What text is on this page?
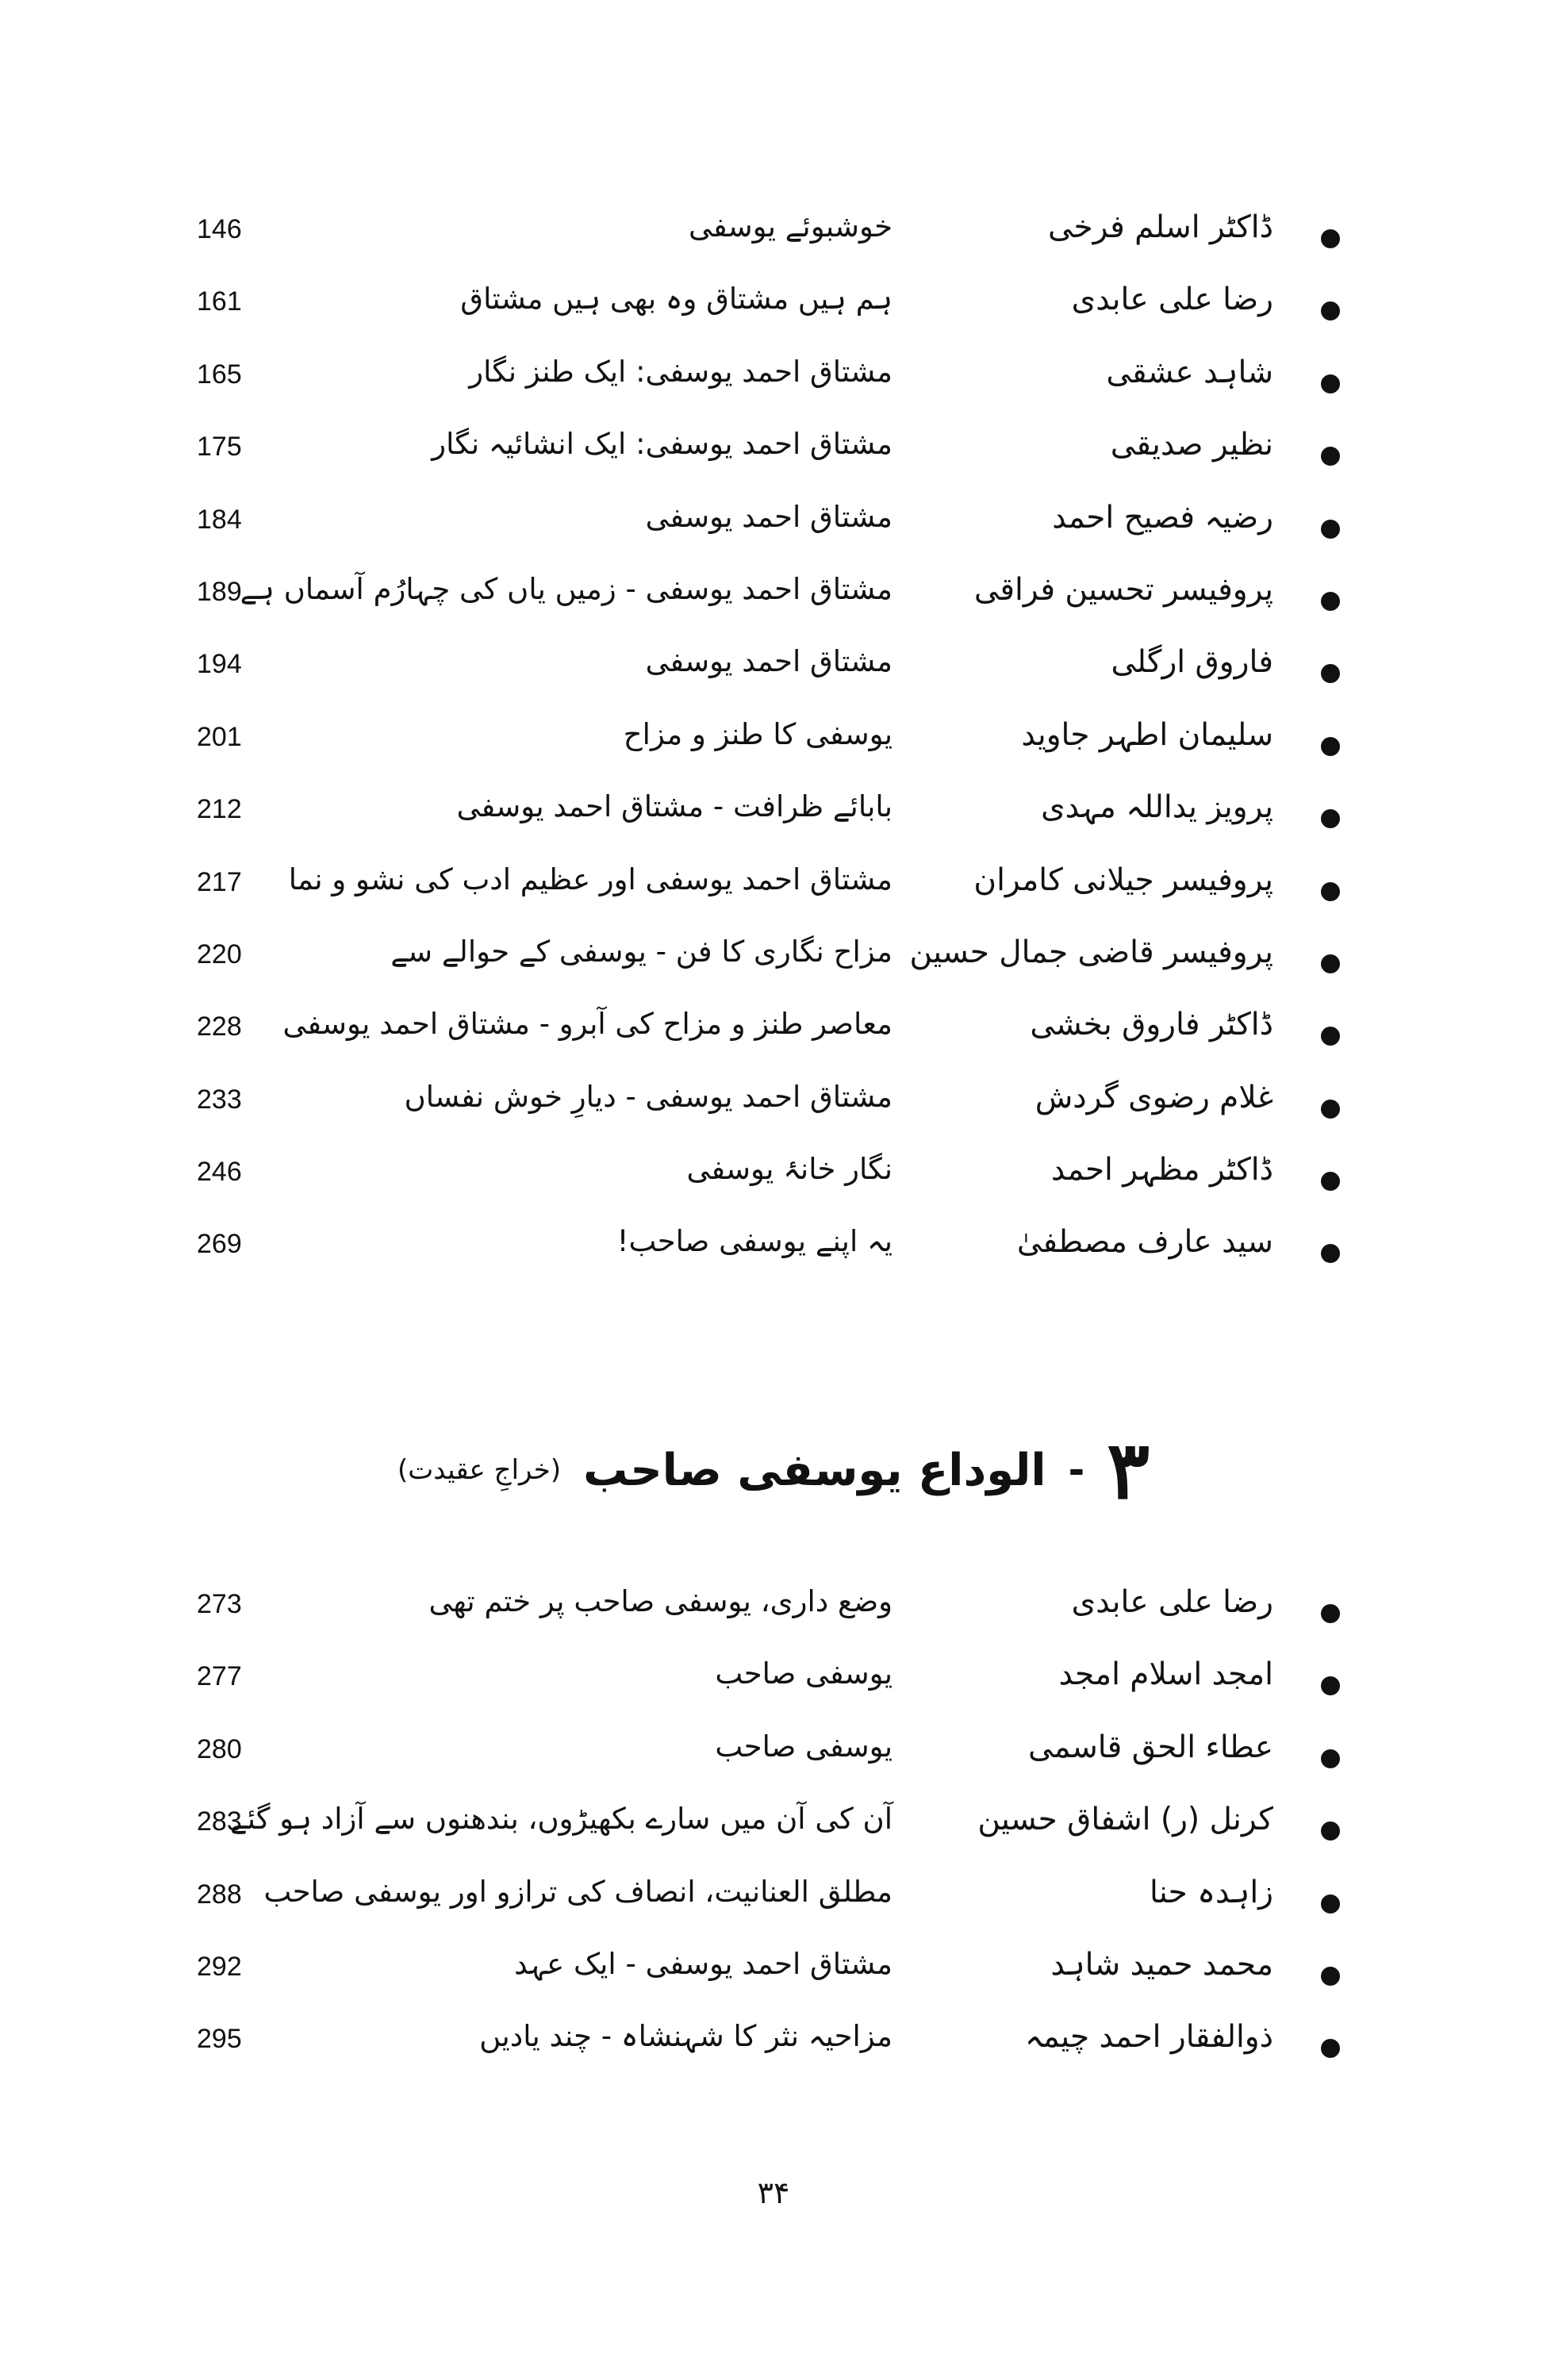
ڈاکٹر اسلم فرخی
خوشبوئے یوسفی
146
رضا علی عابدی
ہم ہیں مشتاق وہ بھی ہیں مشتاق
161
شاہد عشقی
مشتاق احمد یوسفی: ایک طنز نگار
165
نظیر صدیقی
مشتاق احمد یوسفی: ایک انشائیہ نگار
175
رضیہ فصیح احمد
مشتاق احمد یوسفی
184
پروفیسر تحسین فراقی
مشتاق احمد یوسفی - زمیں یاں کی چہارُم آسماں ہے
189
فاروق ارگلی
مشتاق احمد یوسفی
194
سلیمان اطہر جاوید
یوسفی کا طنز و مزاح
201
پرویز یداللہ مہدی
بابائے ظرافت - مشتاق احمد یوسفی
212
پروفیسر جیلانی کامران
مشتاق احمد یوسفی اور عظیم ادب کی نشو و نما
217
پروفیسر قاضی جمال حسین
مزاح نگاری کا فن - یوسفی کے حوالے سے
220
ڈاکٹر فاروق بخشی
معاصر طنز و مزاح کی آبرو - مشتاق احمد یوسفی
228
غلام رضوی گردش
مشتاق احمد یوسفی - دیارِ خوش نفساں
233
ڈاکٹر مظہر احمد
نگار خانۂ یوسفی
246
سید عارف مصطفیٰ
یہ اپنے یوسفی صاحب!
269
۳
-
الوداع یوسفی صاحب
(خراجِ عقیدت)
رضا علی عابدی
وضع داری، یوسفی صاحب پر ختم تھی
273
امجد اسلام امجد
یوسفی صاحب
277
عطاء الحق قاسمی
یوسفی صاحب
280
کرنل (ر) اشفاق حسین
آن کی آن میں سارے بکھیڑوں، بندھنوں سے آزاد ہو گئے
283
زاہدہ حنا
مطلق العنانیت، انصاف کی ترازو اور یوسفی صاحب
288
محمد حمید شاہد
مشتاق احمد یوسفی - ایک عہد
292
ذوالفقار احمد چیمہ
مزاحیہ نثر کا شہنشاہ - چند یادیں
295
۳۴
